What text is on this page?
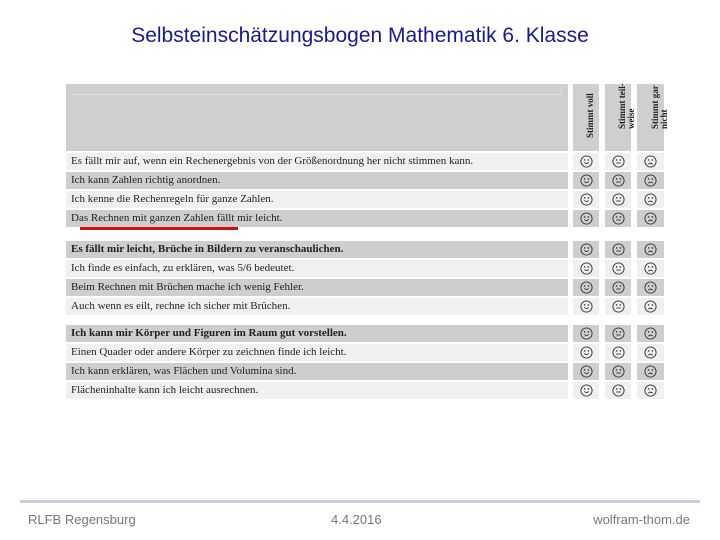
Selbsteinschätzungsbogen Mathematik 6. Klasse
Stimmt voll Stimmt teil-weise Stimmt gar nicht
Es fällt mir auf, wenn ein Rechenergebnis von der Größenordnung her nicht stimmen kann.
Ich kann Zahlen richtig anordnen.
Ich kenne die Rechenregeln für ganze Zahlen.
Das Rechnen mit ganzen Zahlen fällt mir leicht.
Es fällt mir leicht, Brüche in Bildern zu veranschaulichen.
Ich finde es einfach, zu erklären, was 5/6 bedeutet.
Beim Rechnen mit Brüchen mache ich wenig Fehler.
Auch wenn es eilt, rechne ich sicher mit Brüchen.
Ich kann mir Körper und Figuren im Raum gut vorstellen.
Einen Quader oder andere Körper zu zeichnen finde ich leicht.
Ich kann erklären, was Flächen und Volumina sind.
Flächeninhalte kann ich leicht ausrechnen.
RLFB Regensburg	4.4.2016	wolfram-thom.de
